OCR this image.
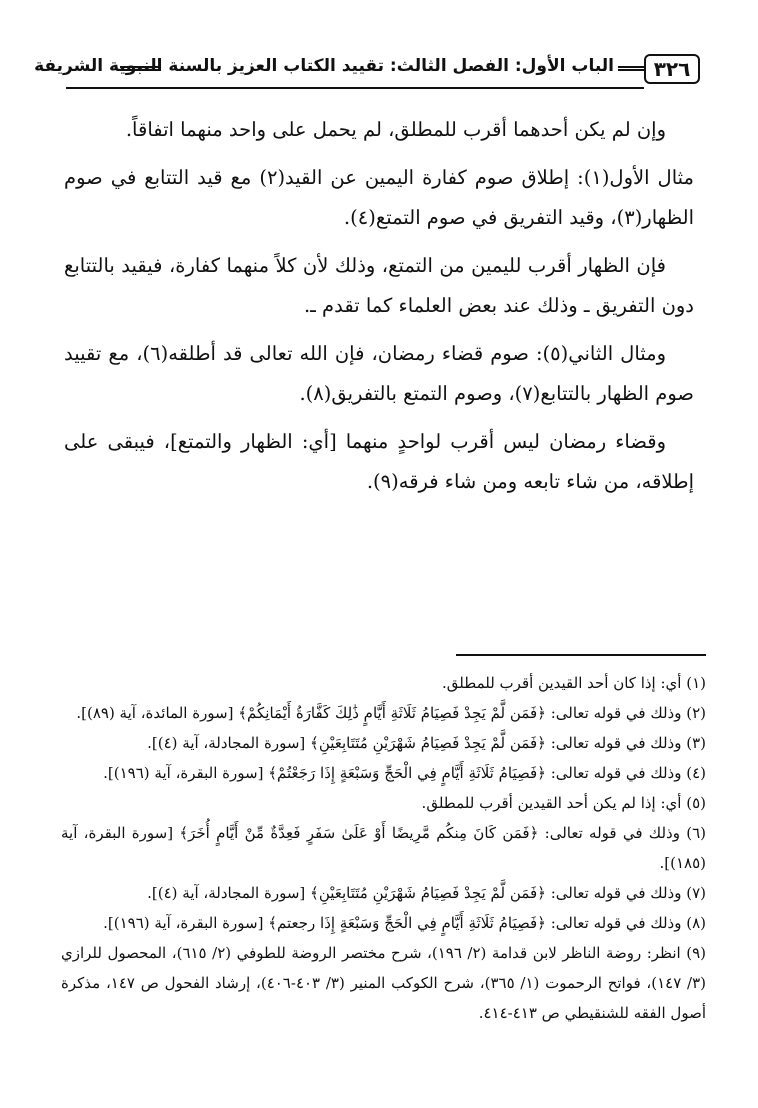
٣٢٦
الباب الأول: الفصل الثالث: تقييد الكتاب العزيز بالسنة النبوية الشريفة

وإن لم يكن أحدهما أقرب للمطلق، لم يحمل على واحد منهما اتفاقاً.

مثال الأول(١): إطلاق صوم كفارة اليمين عن القيد(٢) مع قيد التتابع في صوم الظهار(٣)، وقيد التفريق في صوم التمتع(٤).

فإن الظهار أقرب لليمين من التمتع، وذلك لأن كلاً منهما كفارة، فيقيد بالتتابع دون التفريق ـ وذلك عند بعض العلماء كما تقدم ـ.

ومثال الثاني(٥): صوم قضاء رمضان، فإن الله تعالى قد أطلقه(٦)، مع تقييد صوم الظهار بالتتابع(٧)، وصوم التمتع بالتفريق(٨).

وقضاء رمضان ليس أقرب لواحدٍ منهما [أي: الظهار والتمتع]، فيبقى على إطلاقه، من شاء تابعه ومن شاء فرقه(٩).

(١) أي: إذا كان أحد القيدين أقرب للمطلق.

(٢) وذلك في قوله تعالى: ﴿فَمَن لَّمْ يَجِدْ فَصِيَامُ ثَلَاثَةِ أَيَّامٍ ذَٰلِكَ كَفَّارَةُ أَيْمَانِكُمْ﴾ [سورة المائدة، آية (٨٩)].

(٣) وذلك في قوله تعالى: ﴿فَمَن لَّمْ يَجِدْ فَصِيَامُ شَهْرَيْنِ مُتَتَابِعَيْنِ﴾ [سورة المجادلة، آية (٤)].

(٤) وذلك في قوله تعالى: ﴿فَصِيَامُ ثَلَاثَةِ أَيَّامٍ فِي الْحَجِّ وَسَبْعَةٍ إِذَا رَجَعْتُمْ﴾ [سورة البقرة، آية (١٩٦)].

(٥) أي: إذا لم يكن أحد القيدين أقرب للمطلق.

(٦) وذلك في قوله تعالى: ﴿فَمَن كَانَ مِنكُم مَّرِيضًا أَوْ عَلَىٰ سَفَرٍ فَعِدَّةٌ مِّنْ أَيَّامٍ أُخَرَ﴾ [سورة البقرة، آية (١٨٥)].

(٧) وذلك في قوله تعالى: ﴿فَمَن لَّمْ يَجِدْ فَصِيَامُ شَهْرَيْنِ مُتَتَابِعَيْنِ﴾ [سورة المجادلة، آية (٤)].

(٨) وذلك في قوله تعالى: ﴿فَصِيَامُ ثَلَاثَةِ أَيَّامٍ فِي الْحَجِّ وَسَبْعَةٍ إِذَا رجعتم﴾ [سورة البقرة، آية (١٩٦)].

(٩) انظر: روضة الناظر لابن قدامة (٢/ ١٩٦)، شرح مختصر الروضة للطوفي (٢/ ٦١٥)، المحصول للرازي (٣/ ١٤٧)، فواتح الرحموت (١/ ٣٦٥)، شرح الكوكب المنير (٣/ ٤٠٣-٤٠٦)، إرشاد الفحول ص ١٤٧، مذكرة أصول الفقه للشنقيطي ص ٤١٣-٤١٤.
